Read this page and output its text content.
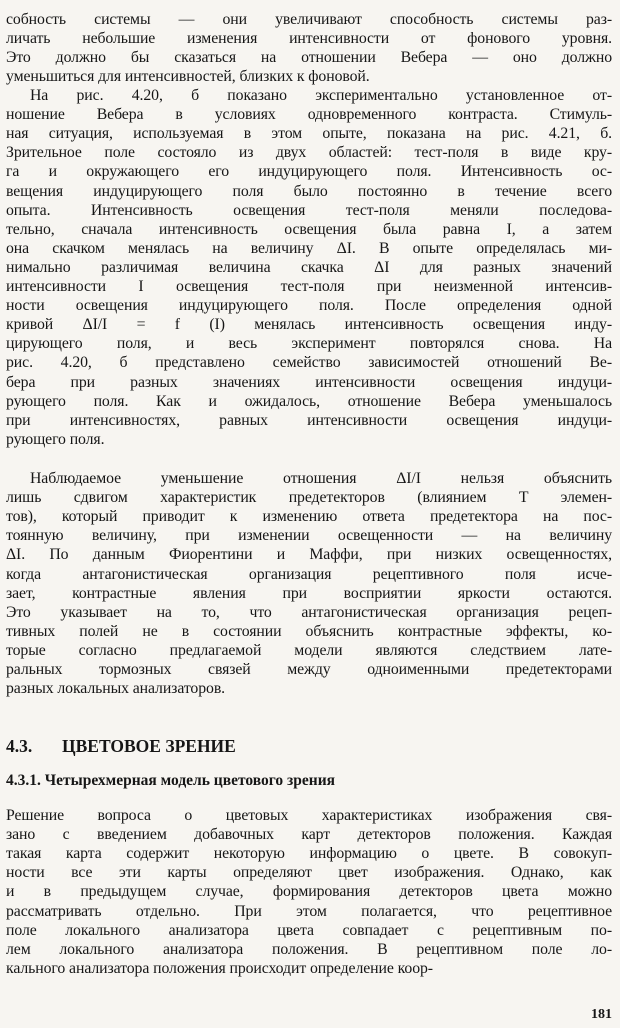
собность системы — они увеличивают способность системы раз-
личать небольшие изменения интенсивности от фонового уровня.
Это должно бы сказаться на отношении Вебера — оно должно
уменьшиться для интенсивностей, близких к фоновой.
На рис. 4.20, б показано экспериментально установленное от-
ношение Вебера в условиях одновременного контраста. Стимуль-
ная ситуация, используемая в этом опыте, показана на рис. 4.21, б.
Зрительное поле состояло из двух областей: тест-поля в виде кру-
га и окружающего его индуцирующего поля. Интенсивность ос-
вещения индуцирующего поля было постоянно в течение всего
опыта. Интенсивность освещения тест-поля меняли последова-
тельно, сначала интенсивность освещения была равна I, а затем
она скачком менялась на величину ΔI. В опыте определялась ми-
нимально различимая величина скачка ΔI для разных значений
интенсивности I освещения тест-поля при неизменной интенсив-
ности освещения индуцирующего поля. После определения одной
кривой ΔI/I = f (I) менялась интенсивность освещения инду-
цирующего поля, и весь эксперимент повторялся снова. На
рис. 4.20, б представлено семейство зависимостей отношений Ве-
бера при разных значениях интенсивности освещения индуци-
рующего поля. Как и ожидалось, отношение Вебера уменьшалось
при интенсивностях, равных интенсивности освещения индуци-
рующего поля.
Наблюдаемое уменьшение отношения ΔI/I нельзя объяснить
лишь сдвигом характеристик предетекторов (влиянием T элемен-
тов), который приводит к изменению ответа предетектора на пос-
тоянную величину, при изменении освещенности — на величину
ΔI. По данным Фиорентини и Маффи, при низких освещенностях,
когда антагонистическая организация рецептивного поля исче-
зает, контрастные явления при восприятии яркости остаются.
Это указывает на то, что антагонистическая организация рецеп-
тивных полей не в состоянии объяснить контрастные эффекты, ко-
торые согласно предлагаемой модели являются следствием лате-
ральных тормозных связей между одноименными предетекторами
разных локальных анализаторов.
Решение вопроса о цветовых характеристиках изображения свя-
зано с введением добавочных карт детекторов положения. Каждая
такая карта содержит некоторую информацию о цвете. В совокуп-
ности все эти карты определяют цвет изображения. Однако, как
и в предыдущем случае, формирования детекторов цвета можно
рассматривать отдельно. При этом полагается, что рецептивное
поле локального анализатора цвета совпадает с рецептивным по-
лем локального анализатора положения. В рецептивном поле ло-
кального анализатора положения происходит определение коор-
4.3. ЦВЕТОВОЕ ЗРЕНИЕ
4.3.1. Четырехмерная модель цветового зрения
181
